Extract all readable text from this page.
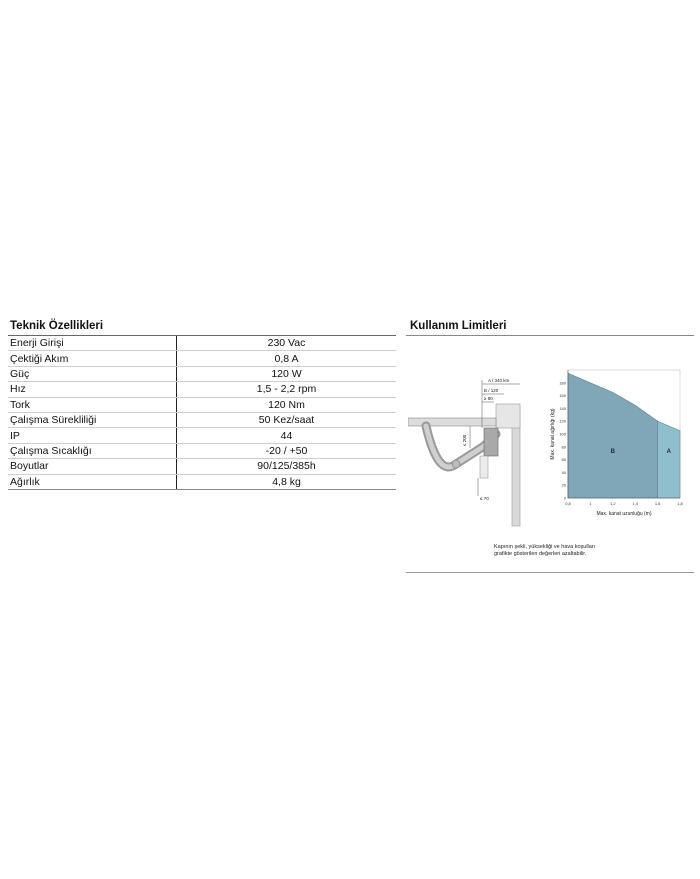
Teknik Özellikleri
Enerji Girişi	230 Vac
Çektiği Akım	0,8 A
Güç	120 W
Hız	1,5 - 2,2 rpm
Tork	120 Nm
Çalışma Sürekliliği	50 Kez/saat
IP	44
Çalışma Sıcaklığı	-20 / +50
Boyutlar	90/125/385h
Ağırlık	4,8 kg
Kullanım Limitleri
A / 340 km
B / 120
≥ 80
≤ 200
≤ 70
0,8	1	1,2	1,4	1,6	1,8
0
20
40
60
80
100
120
140
160
180
Max. kanat uzunluğu (m)
Max. kanat ağırlığı (kg)	B	A
Kapının şekli, yüksekliği ve hava koşulları
grafikte gösterilen değerleri azaltabilir.
